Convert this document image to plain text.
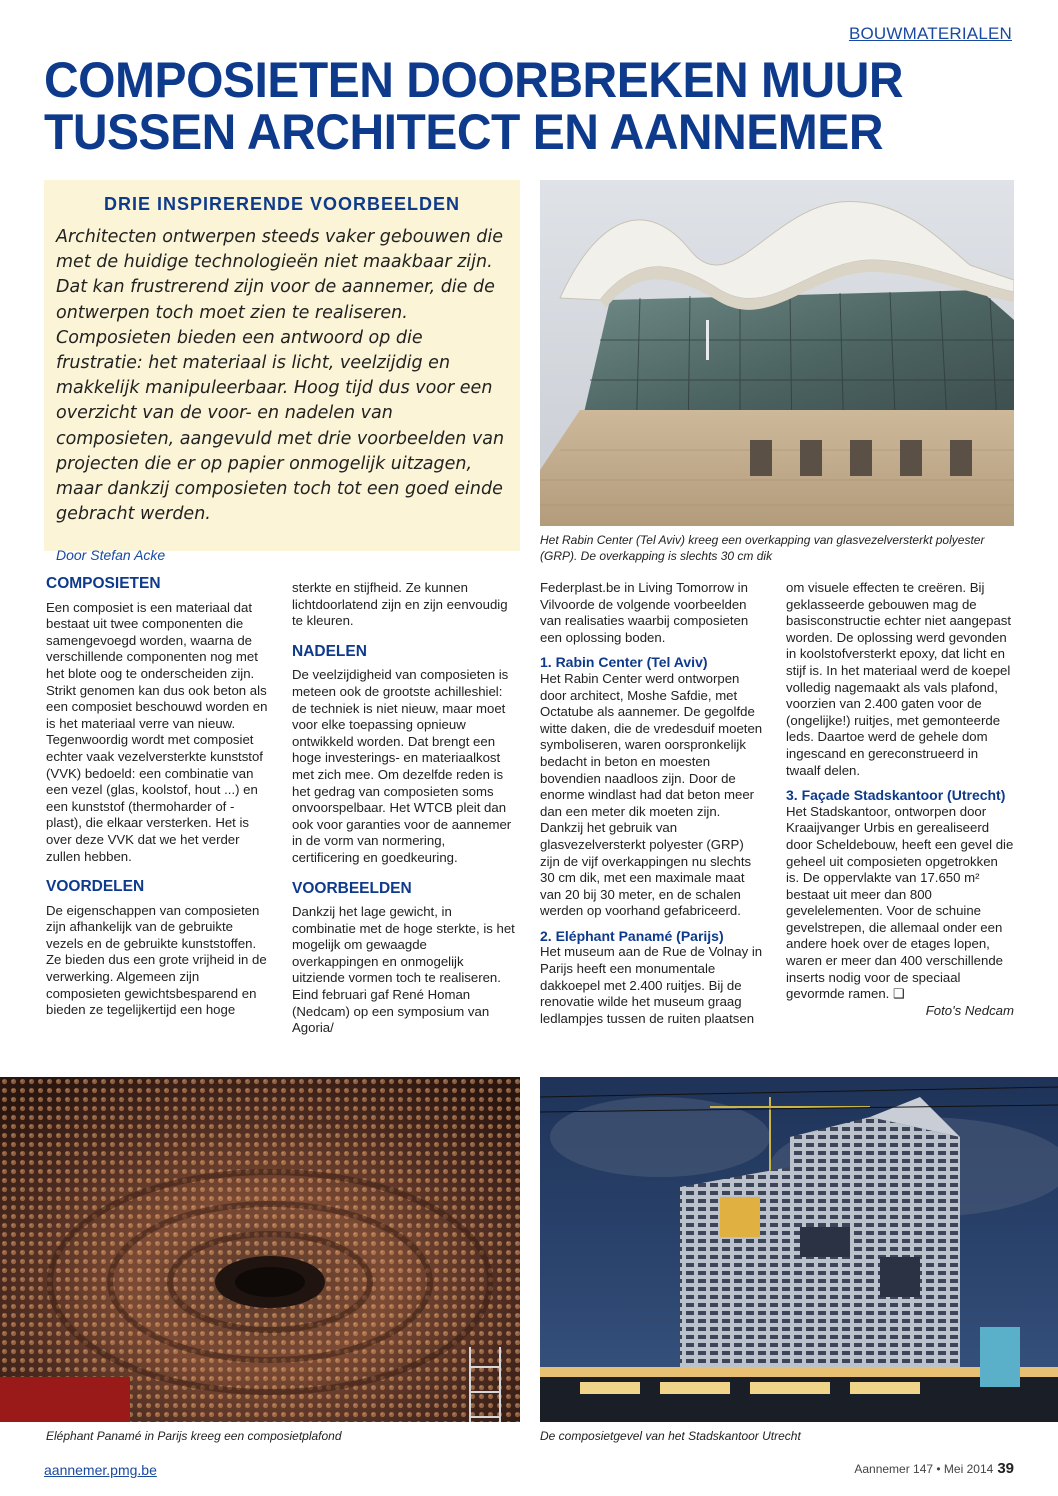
BOUWMATERIALEN
COMPOSIETEN DOORBREKEN MUUR
TUSSEN ARCHITECT EN AANNEMER
DRIE INSPIRERENDE VOORBEELDEN

Architecten ontwerpen steeds vaker gebouwen die met de huidige technologieën niet maakbaar zijn. Dat kan frustrerend zijn voor de aannemer, die de ontwerpen toch moet zien te realiseren. Composieten bieden een antwoord op die frustratie: het materiaal is licht, veelzijdig en makkelijk manipuleerbaar. Hoog tijd dus voor een overzicht van de voor- en nadelen van composieten, aangevuld met drie voorbeelden van projecten die er op papier onmogelijk uitzagen, maar dankzij composieten toch tot een goed einde gebracht werden.

Door Stefan Acke
Het Rabin Center (Tel Aviv) kreeg een overkapping van glasvezelversterkt polyester (GRP). De overkapping is slechts 30 cm dik
COMPOSIETEN

Een composiet is een materiaal dat bestaat uit twee componenten die samengevoegd worden, waarna de verschillende componenten nog met het blote oog te onderscheiden zijn. Strikt genomen kan dus ook beton als een composiet beschouwd worden en is het materiaal verre van nieuw. Tegenwoordig wordt met composiet echter vaak vezelversterkte kunststof (VVK) bedoeld: een combinatie van een vezel (glas, koolstof, hout ...) en een kunststof (thermoharder of -plast), die elkaar versterken. Het is over deze VVK dat we het verder zullen hebben.

VOORDELEN

De eigenschappen van composieten zijn afhankelijk van de gebruikte vezels en de gebruikte kunststoffen. Ze bieden dus een grote vrijheid in de verwerking. Algemeen zijn composieten gewichtsbesparend en bieden ze tegelijkertijd een hoge

sterkte en stijfheid. Ze kunnen lichtdoorlatend zijn en zijn eenvoudig te kleuren.

NADELEN

De veelzijdigheid van composieten is meteen ook de grootste achilleshiel: de techniek is niet nieuw, maar moet voor elke toepassing opnieuw ontwikkeld worden. Dat brengt een hoge investerings- en materiaalkost met zich mee. Om dezelfde reden is het gedrag van composieten soms onvoorspelbaar. Het WTCB pleit dan ook voor garanties voor de aannemer in de vorm van normering, certificering en goedkeuring.

VOORBEELDEN

Dankzij het lage gewicht, in combinatie met de hoge sterkte, is het mogelijk om gewaagde overkappingen en onmogelijk uitziende vormen toch te realiseren. Eind februari gaf René Homan (Nedcam) op een symposium van Agoria/

Federplast.be in Living Tomorrow in Vilvoorde de volgende voorbeelden van realisaties waarbij composieten een oplossing boden.

1. Rabin Center (Tel Aviv)

Het Rabin Center werd ontworpen door architect, Moshe Safdie, met Octatube als aannemer. De gegolfde witte daken, die de vredesduif moeten symboliseren, waren oorspronkelijk bedacht in beton en moesten bovendien naadloos zijn. Door de enorme windlast had dat beton meer dan een meter dik moeten zijn. Dankzij het gebruik van glasvezelversterkt polyester (GRP) zijn de vijf overkappingen nu slechts 30 cm dik, met een maximale maat van 20 bij 30 meter, en de schalen werden op voorhand gefabriceerd.

2. Eléphant Panamé (Parijs)

Het museum aan de Rue de Volnay in Parijs heeft een monumentale dakkoepel met 2.400 ruitjes. Bij de renovatie wilde het museum graag ledlampjes tussen de ruiten plaatsen

om visuele effecten te creëren. Bij geklasseerde gebouwen mag de basisconstructie echter niet aangepast worden. De oplossing werd gevonden in koolstofversterkt epoxy, dat licht en stijf is. In het materiaal werd de koepel volledig nagemaakt als vals plafond, voorzien van 2.400 gaten voor de (ongelijke!) ruitjes, met gemonteerde leds. Daartoe werd de gehele dom ingescand en gereconstrueerd in twaalf delen.

3. Façade Stadskantoor (Utrecht)

Het Stadskantoor, ontworpen door Kraaijvanger Urbis en gerealiseerd door Scheldebouw, heeft een gevel die geheel uit composieten opgetrokken is. De oppervlakte van 17.650 m² bestaat uit meer dan 800 gevelelementen. Voor de schuine gevelstrepen, die allemaal onder een andere hoek over de etages lopen, waren er meer dan 400 verschillende inserts nodig voor de speciaal gevormde ramen. ❑

Foto's Nedcam

Eléphant Panamé in Parijs kreeg een composietplafond	De composietgevel van het Stadskantoor Utrecht
aannemer.pmg.be	Aannemer 147 • Mei 2014 39
